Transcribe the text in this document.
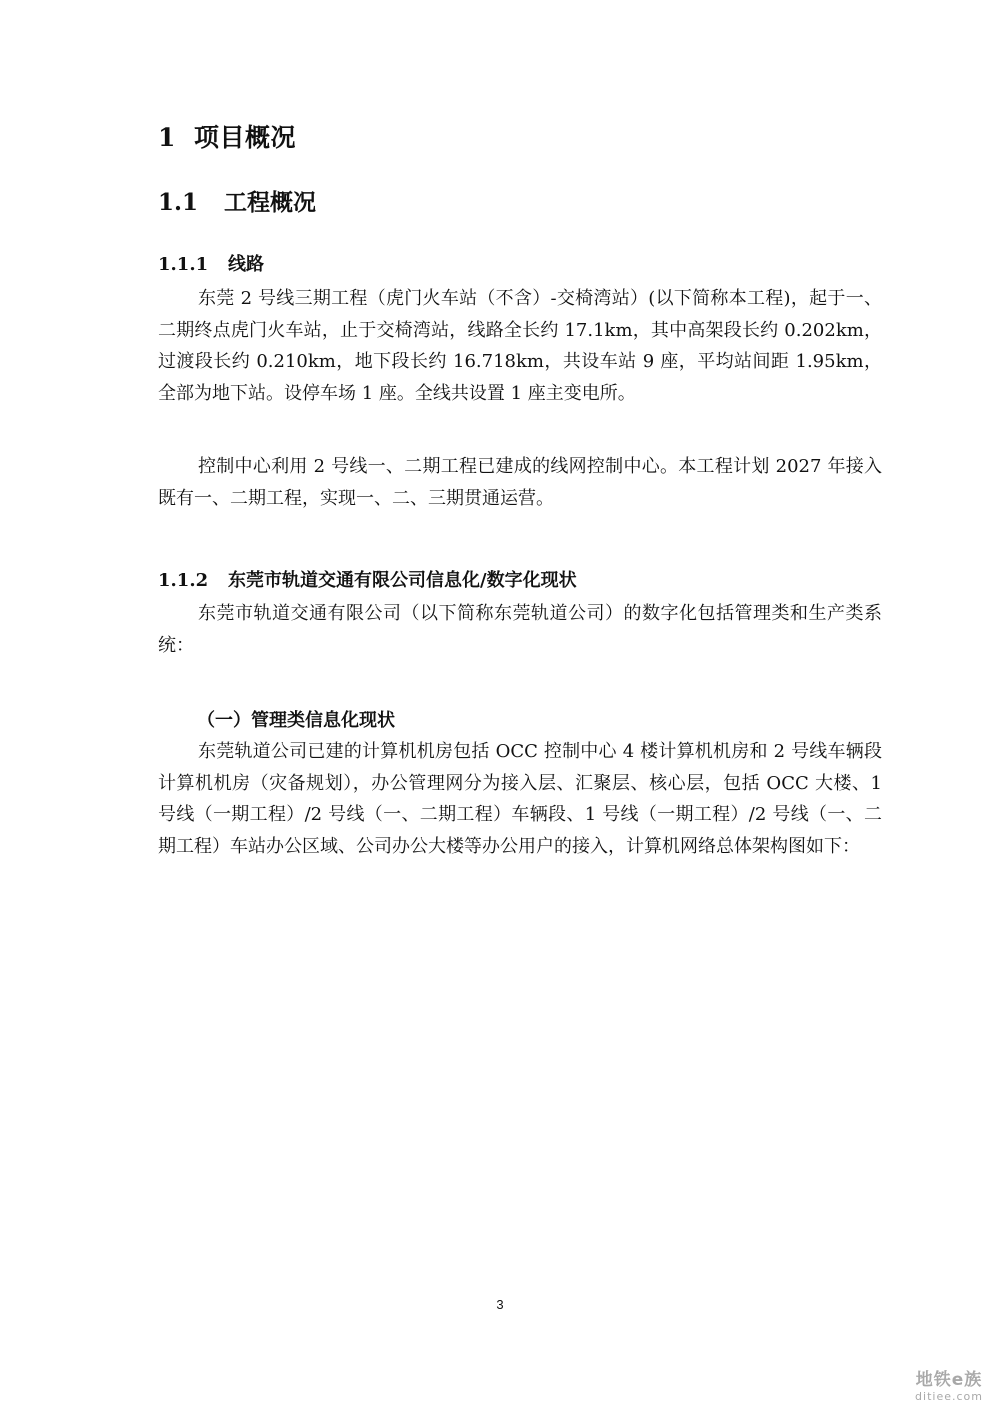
1 项目概况
1.1 工程概况
1.1.1 线路

东莞 2 号线三期工程（虎门火车站（不含）-交椅湾站）(以下简称本工程)，起于一、二期终点虎门火车站，止于交椅湾站，线路全长约 17.1km，其中高架段长约 0.202km，过渡段长约 0.210km，地下段长约 16.718km，共设车站 9 座，平均站间距 1.95km，全部为地下站。设停车场 1 座。全线共设置 1 座主变电所。

控制中心利用 2 号线一、二期工程已建成的线网控制中心。本工程计划 2027 年接入既有一、二期工程，实现一、二、三期贯通运营。

1.1.2 东莞市轨道交通有限公司信息化/数字化现状

东莞市轨道交通有限公司（以下简称东莞轨道公司）的数字化包括管理类和生产类系统：

（一）管理类信息化现状

东莞轨道公司已建的计算机机房包括 OCC 控制中心 4 楼计算机机房和 2 号线车辆段计算机机房（灾备规划），办公管理网分为接入层、汇聚层、核心层，包括 OCC 大楼、1 号线（一期工程）/2 号线（一、二期工程）车辆段、1 号线（一期工程）/2 号线（一、二期工程）车站办公区域、公司办公大楼等办公用户的接入，计算机网络总体架构图如下：

3
地铁e族
ditiee.com
